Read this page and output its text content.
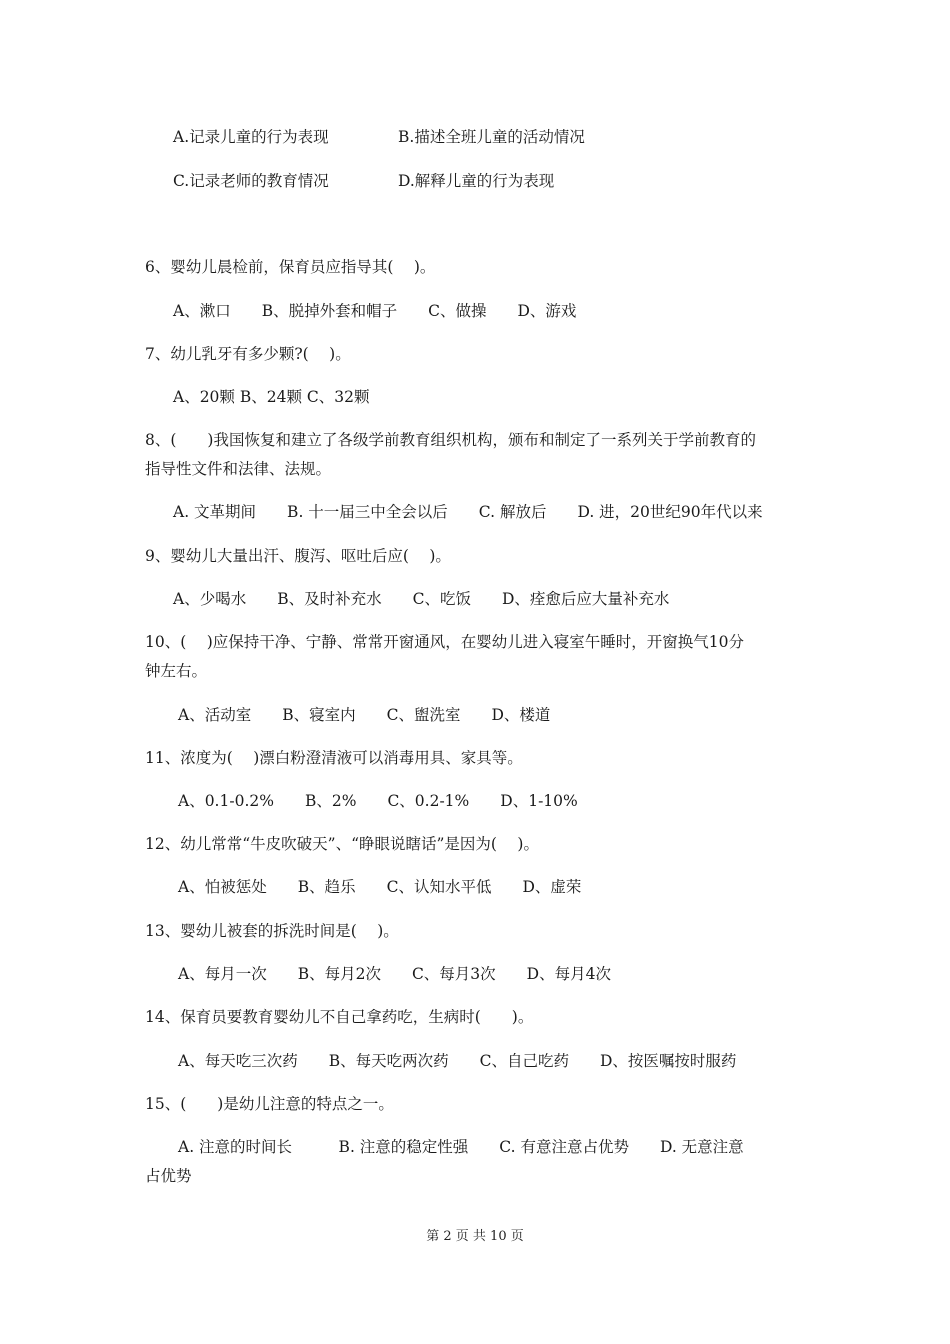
A.记录儿童的行为表现	B.描述全班儿童的活动情况
C.记录老师的教育情况	D.解释儿童的行为表现
6、婴幼儿晨检前，保育员应指导其(　 )。
A、漱口　　B、脱掉外套和帽子　　C、做操　　D、游戏
7、幼儿乳牙有多少颗?(　 )。
A、20颗 B、24颗 C、32颗
8、(　　)我国恢复和建立了各级学前教育组织机构，颁布和制定了一系列关于学前教育的
指导性文件和法律、法规。
A. 文革期间　　B. 十一届三中全会以后　　C. 解放后　　D. 进，20世纪90年代以来
9、婴幼儿大量出汗、腹泻、呕吐后应(　 )。
A、少喝水　　B、及时补充水　　C、吃饭　　D、痊愈后应大量补充水
10、( 　)应保持干净、宁静、常常开窗通风，在婴幼儿进入寝室午睡时，开窗换气10分
钟左右。
A、活动室　　B、寝室内　　C、盥洗室　　D、楼道
11、浓度为(　 )漂白粉澄清液可以消毒用具、家具等。
A、0.1-0.2%　　B、2%　　C、0.2-1%　　D、1-10%
12、幼儿常常“牛皮吹破天”、“睁眼说瞎话”是因为(　 )。
A、怕被惩处　　B、趋乐　　C、认知水平低　　D、虚荣
13、婴幼儿被套的拆洗时间是(　 )。
A、每月一次　　B、每月2次　　C、每月3次　　D、每月4次
14、保育员要教育婴幼儿不自己拿药吃，生病时(　　)。
A、每天吃三次药　　B、每天吃两次药　　C、自己吃药　　D、按医嘱按时服药
15、(　　)是幼儿注意的特点之一。
A. 注意的时间长　　　B. 注意的稳定性强　　C. 有意注意占优势　　D. 无意注意
占优势
第 2 页 共 10 页
